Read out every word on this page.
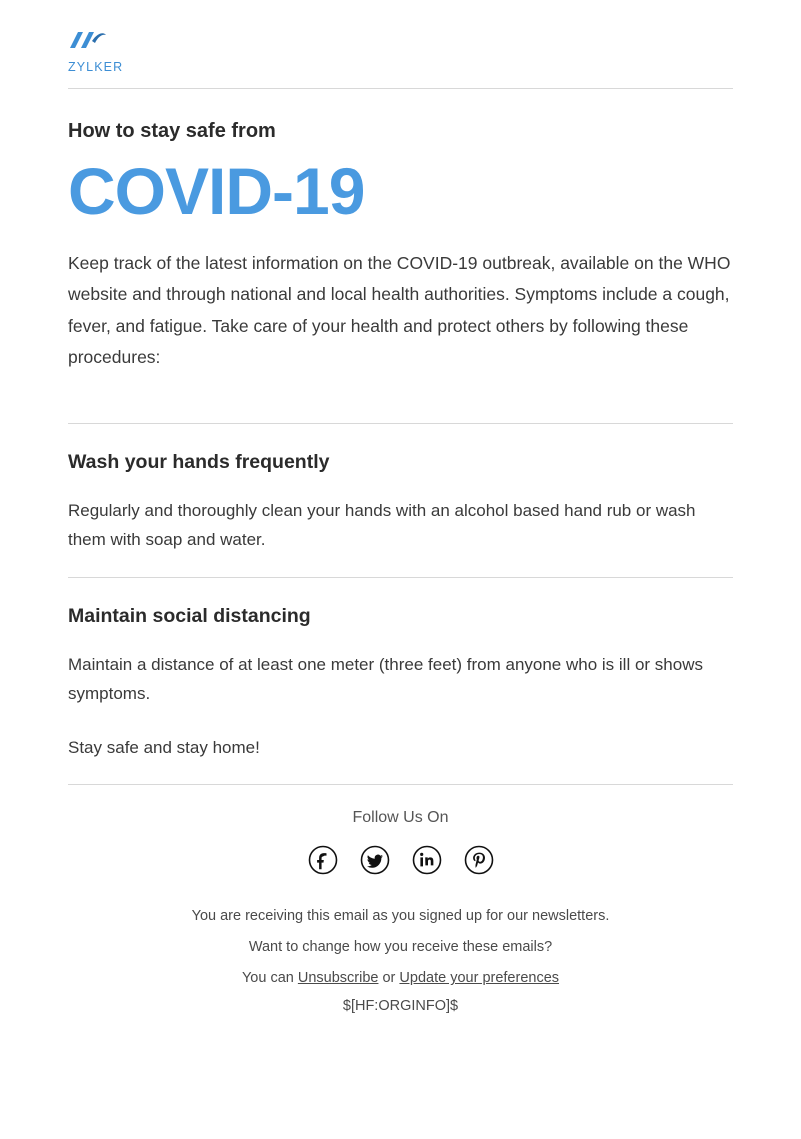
ZYLKER

How to stay safe from

COVID-19

Keep track of the latest information on the COVID-19 outbreak, available on the WHO website and through national and local health authorities. Symptoms include a cough, fever, and fatigue. Take care of your health and protect others by following these procedures:

Wash your hands frequently

Regularly and thoroughly clean your hands with an alcohol based hand rub or wash them with soap and water.

Maintain social distancing

Maintain a distance of at least one meter (three feet) from anyone who is ill or shows symptoms.

Stay safe and stay home!

Follow Us On

You are receiving this email as you signed up for our newsletters.

Want to change how you receive these emails?

You can Unsubscribe or Update your preferences

$[HF:ORGINFO]$
